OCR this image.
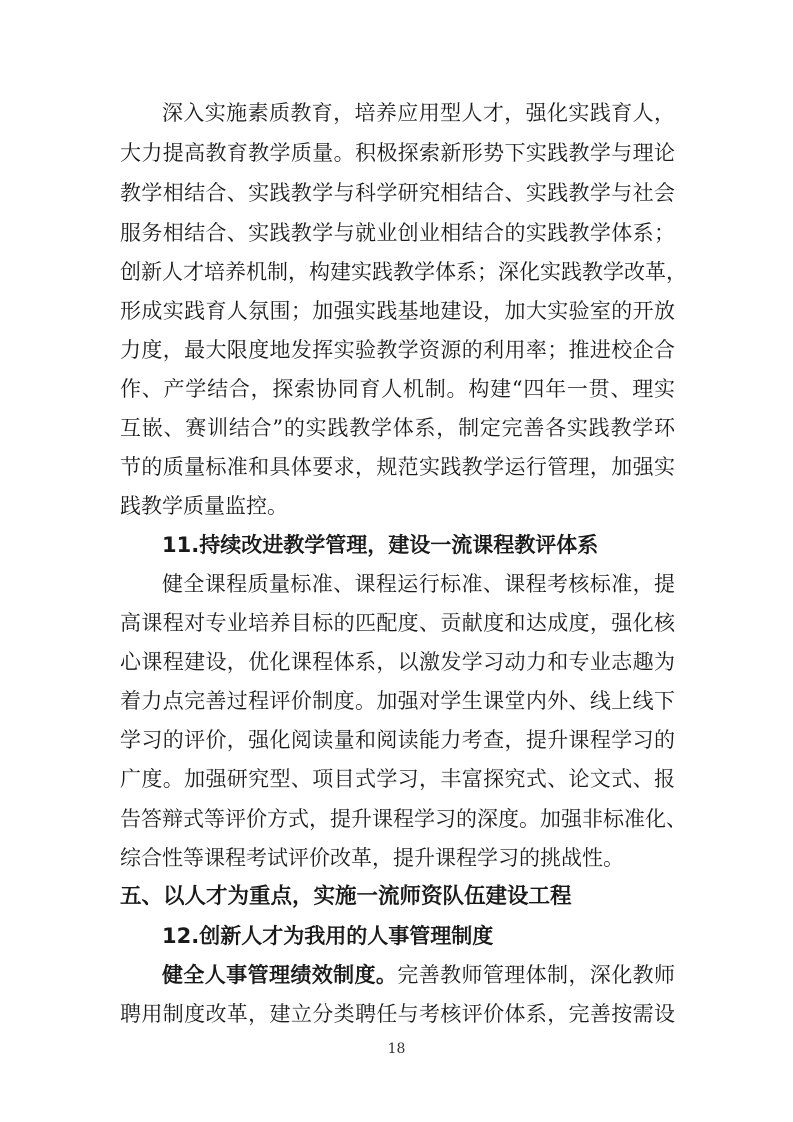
深入实施素质教育，培养应用型人才，强化实践育人，
大力提高教育教学质量。积极探索新形势下实践教学与理论
教学相结合、实践教学与科学研究相结合、实践教学与社会
服务相结合、实践教学与就业创业相结合的实践教学体系；
创新人才培养机制，构建实践教学体系；深化实践教学改革，
形成实践育人氛围；加强实践基地建设，加大实验室的开放
力度，最大限度地发挥实验教学资源的利用率；推进校企合
作、产学结合，探索协同育人机制。构建“四年一贯、理实
互嵌、赛训结合”的实践教学体系，制定完善各实践教学环
节的质量标准和具体要求，规范实践教学运行管理，加强实
践教学质量监控。
11.持续改进教学管理，建设一流课程教评体系
健全课程质量标准、课程运行标准、课程考核标准，提
高课程对专业培养目标的匹配度、贡献度和达成度，强化核
心课程建设，优化课程体系，以激发学习动力和专业志趣为
着力点完善过程评价制度。加强对学生课堂内外、线上线下
学习的评价，强化阅读量和阅读能力考查，提升课程学习的
广度。加强研究型、项目式学习，丰富探究式、论文式、报
告答辩式等评价方式，提升课程学习的深度。加强非标准化、
综合性等课程考试评价改革，提升课程学习的挑战性。
五、以人才为重点，实施一流师资队伍建设工程
12.创新人才为我用的人事管理制度
健全人事管理绩效制度。完善教师管理体制，深化教师
聘用制度改革，建立分类聘任与考核评价体系，完善按需设
18
